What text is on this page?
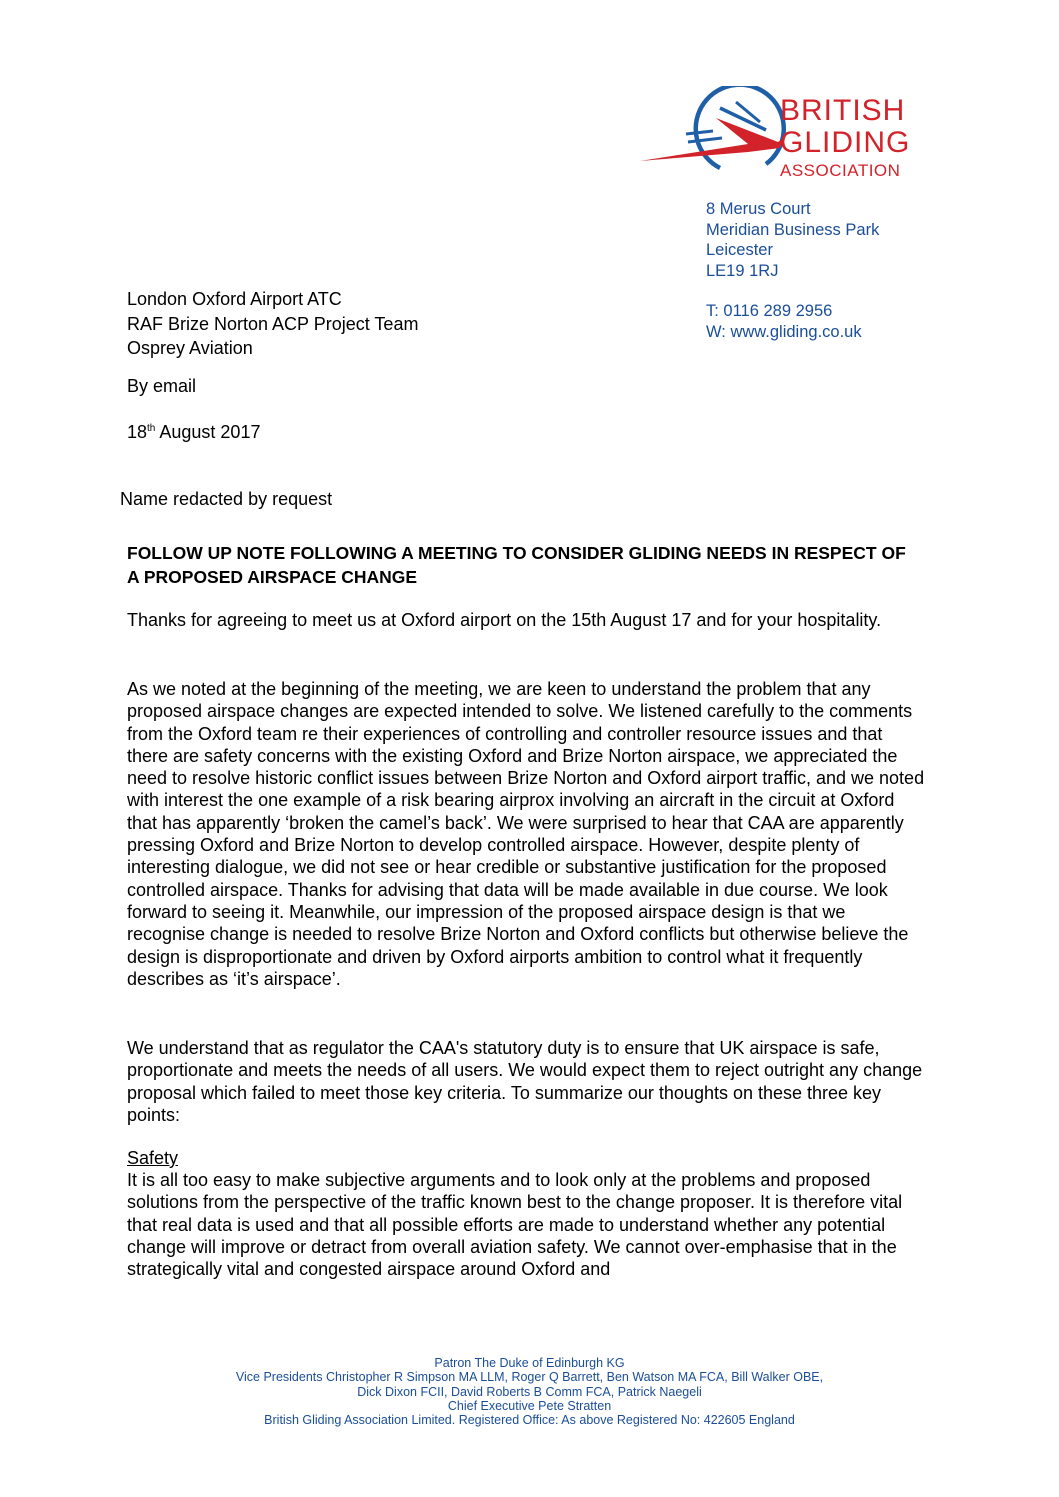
BRITISH
GLIDING
ASSOCIATION
8 Merus Court
Meridian Business Park
Leicester
LE19 1RJ
T: 0116 289 2956
W: www.gliding.co.uk
London Oxford Airport ATC
RAF Brize Norton ACP Project Team
Osprey Aviation
By email
18th August 2017
Name redacted by request
FOLLOW UP NOTE FOLLOWING A MEETING TO CONSIDER GLIDING NEEDS IN RESPECT OF A PROPOSED AIRSPACE CHANGE
Thanks for agreeing to meet us at Oxford airport on the 15th August 17 and for your hospitality.
As we noted at the beginning of the meeting, we are keen to understand the problem that any proposed airspace changes are expected intended to solve. We listened carefully to the comments from the Oxford team re their experiences of controlling and controller resource issues and that there are safety concerns with the existing Oxford and Brize Norton airspace, we appreciated the need to resolve historic conflict issues between Brize Norton and Oxford airport traffic, and we noted with interest the one example of a risk bearing airprox involving an aircraft in the circuit at Oxford that has apparently ‘broken the camel’s back’. We were surprised to hear that CAA are apparently pressing Oxford and Brize Norton to develop controlled airspace. However, despite plenty of interesting dialogue, we did not see or hear credible or substantive justification for the proposed controlled airspace. Thanks for advising that data will be made available in due course. We look forward to seeing it. Meanwhile, our impression of the proposed airspace design is that we recognise change is needed to resolve Brize Norton and Oxford conflicts but otherwise believe the design is disproportionate and driven by Oxford airports ambition to control what it frequently describes as ‘it’s airspace’.
We understand that as regulator the CAA's statutory duty is to ensure that UK airspace is safe, proportionate and meets the needs of all users. We would expect them to reject outright any change proposal which failed to meet those key criteria. To summarize our thoughts on these three key points:
Safety
It is all too easy to make subjective arguments and to look only at the problems and proposed solutions from the perspective of the traffic known best to the change proposer. It is therefore vital that real data is used and that all possible efforts are made to understand whether any potential change will improve or detract from overall aviation safety. We cannot over-emphasise that in the strategically vital and congested airspace around Oxford and
Patron The Duke of Edinburgh KG
Vice Presidents Christopher R Simpson MA LLM, Roger Q Barrett, Ben Watson MA FCA, Bill Walker OBE,
Dick Dixon FCII, David Roberts B Comm FCA, Patrick Naegeli
Chief Executive Pete Stratten
British Gliding Association Limited. Registered Office: As above Registered No: 422605 England
